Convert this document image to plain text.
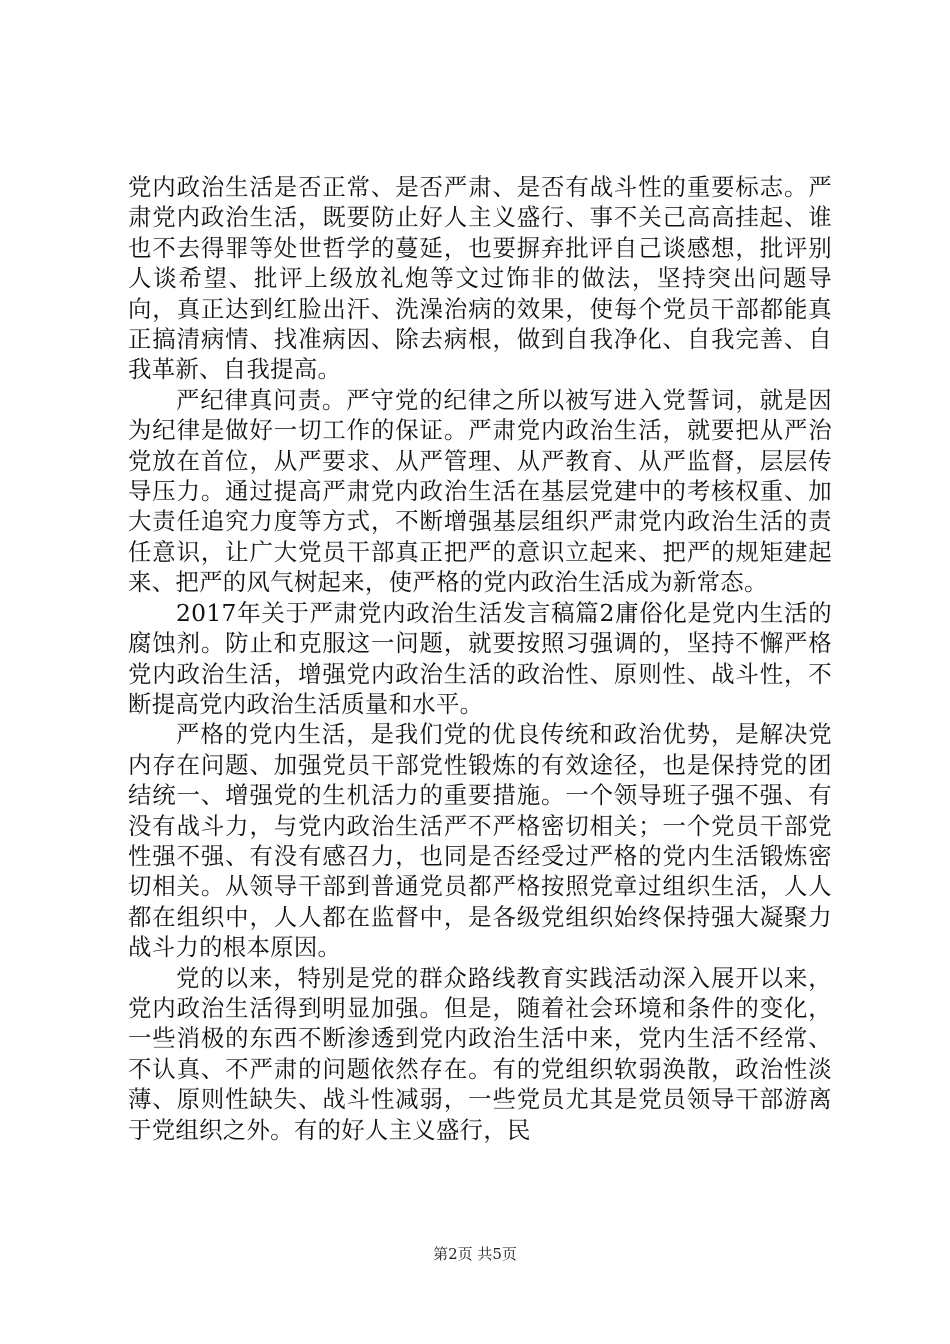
党内政治生活是否正常、是否严肃、是否有战斗性的重要标志。严肃党内政治生活，既要防止好人主义盛行、事不关己高高挂起、谁也不去得罪等处世哲学的蔓延，也要摒弃批评自己谈感想，批评别人谈希望、批评上级放礼炮等文过饰非的做法，坚持突出问题导向，真正达到红脸出汗、洗澡治病的效果，使每个党员干部都能真正搞清病情、找准病因、除去病根，做到自我净化、自我完善、自我革新、自我提高。

严纪律真问责。严守党的纪律之所以被写进入党誓词，就是因为纪律是做好一切工作的保证。严肃党内政治生活，就要把从严治党放在首位，从严要求、从严管理、从严教育、从严监督，层层传导压力。通过提高严肃党内政治生活在基层党建中的考核权重、加大责任追究力度等方式，不断增强基层组织严肃党内政治生活的责任意识，让广大党员干部真正把严的意识立起来、把严的规矩建起来、把严的风气树起来，使严格的党内政治生活成为新常态。

2017年关于严肃党内政治生活发言稿篇2庸俗化是党内生活的腐蚀剂。防止和克服这一问题，就要按照习强调的，坚持不懈严格党内政治生活，增强党内政治生活的政治性、原则性、战斗性，不断提高党内政治生活质量和水平。

严格的党内生活，是我们党的优良传统和政治优势，是解决党内存在问题、加强党员干部党性锻炼的有效途径，也是保持党的团结统一、增强党的生机活力的重要措施。一个领导班子强不强、有没有战斗力，与党内政治生活严不严格密切相关；一个党员干部党性强不强、有没有感召力，也同是否经受过严格的党内生活锻炼密切相关。从领导干部到普通党员都严格按照党章过组织生活，人人都在组织中，人人都在监督中，是各级党组织始终保持强大凝聚力战斗力的根本原因。

党的以来，特别是党的群众路线教育实践活动深入展开以来，党内政治生活得到明显加强。但是，随着社会环境和条件的变化，一些消极的东西不断渗透到党内政治生活中来，党内生活不经常、不认真、不严肃的问题依然存在。有的党组织软弱涣散，政治性淡薄、原则性缺失、战斗性减弱，一些党员尤其是党员领导干部游离于党组织之外。有的好人主义盛行，民

第2页 共5页
